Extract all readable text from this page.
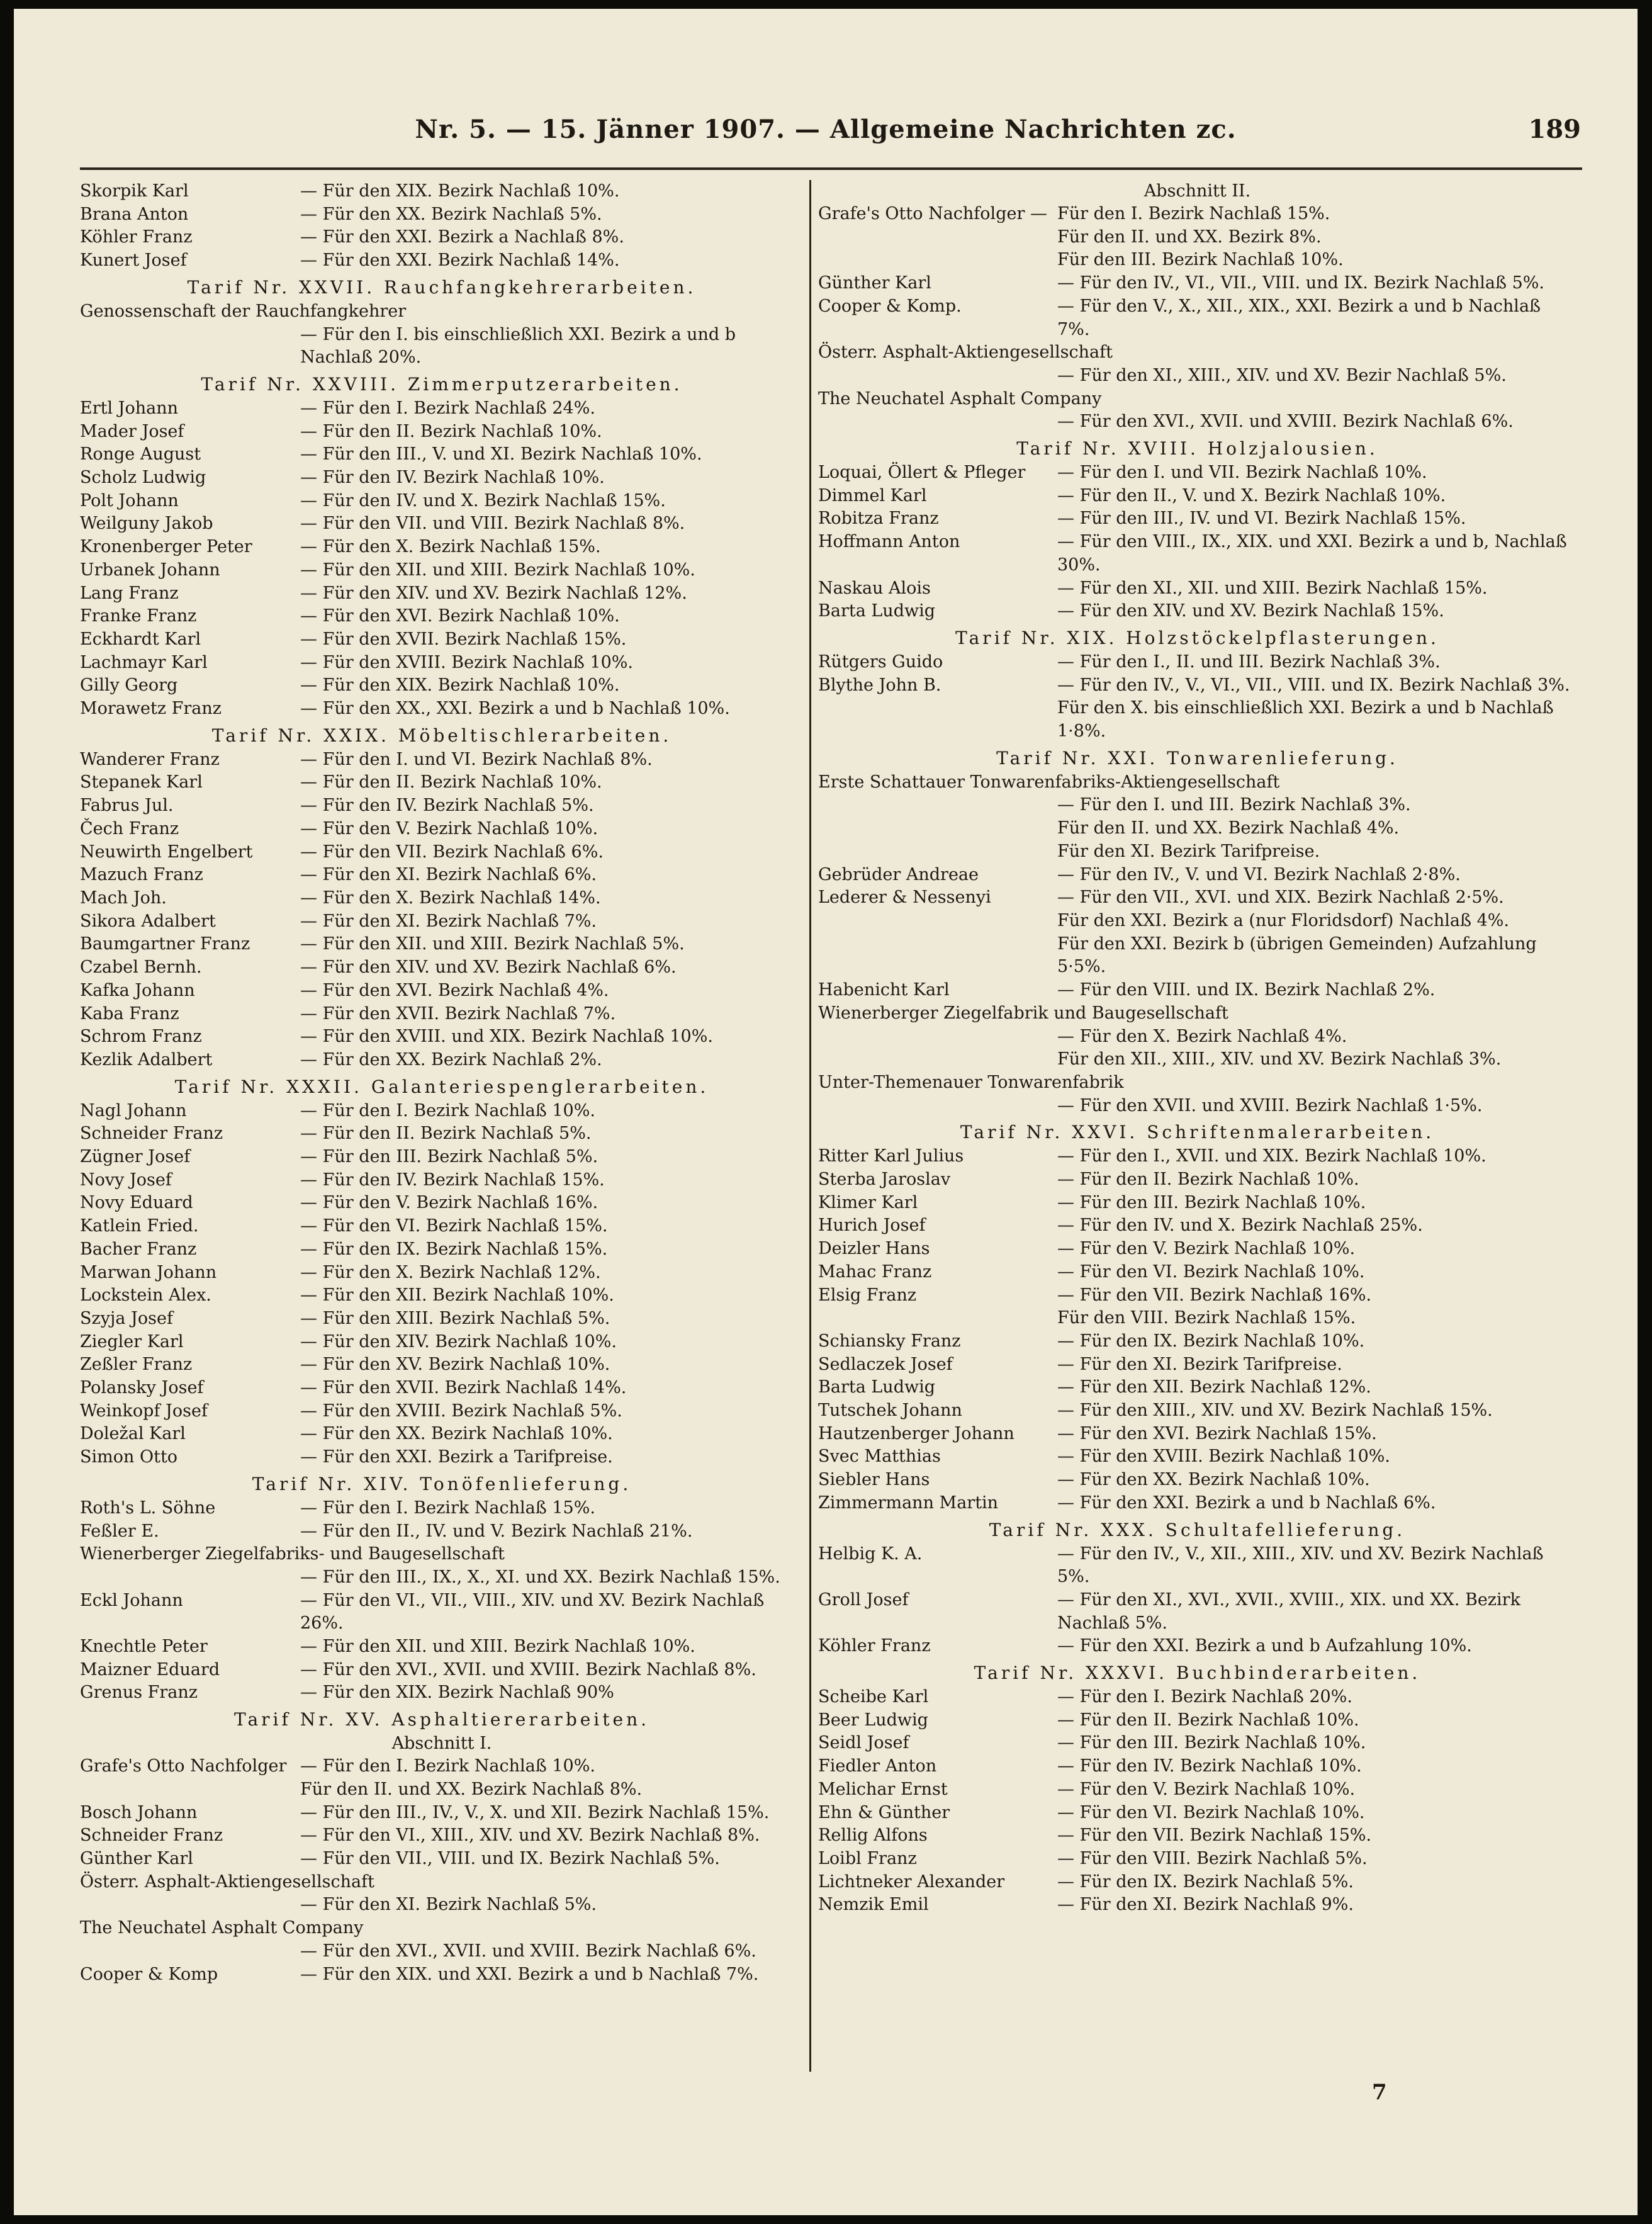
Nr. 5. — 15. Jänner 1907. — Allgemeine Nachrichten zc.	189
Skorpik Karl	— Für den XIX. Bezirk Nachlaß 10%.
Brana Anton	— Für den XX. Bezirk Nachlaß 5%.
Köhler Franz	— Für den XXI. Bezirk a Nachlaß 8%.
Kunert Josef	— Für den XXI. Bezirk Nachlaß 14%.
Tarif Nr. XXVII. Rauchfangkehrerarbeiten.
Genossenschaft der Rauchfangkehrer
— Für den I. bis einschließlich XXI. Bezirk a und b Nachlaß 20%.
Tarif Nr. XXVIII. Zimmerputzerarbeiten.
Ertl Johann	— Für den I. Bezirk Nachlaß 24%.
Mader Josef	— Für den II. Bezirk Nachlaß 10%.
Ronge August	— Für den III., V. und XI. Bezirk Nachlaß 10%.
Scholz Ludwig	— Für den IV. Bezirk Nachlaß 10%.
Polt Johann	— Für den IV. und X. Bezirk Nachlaß 15%.
Weilguny Jakob	— Für den VII. und VIII. Bezirk Nachlaß 8%.
Kronenberger Peter	— Für den X. Bezirk Nachlaß 15%.
Urbanek Johann	— Für den XII. und XIII. Bezirk Nachlaß 10%.
Lang Franz	— Für den XIV. und XV. Bezirk Nachlaß 12%.
Franke Franz	— Für den XVI. Bezirk Nachlaß 10%.
Eckhardt Karl	— Für den XVII. Bezirk Nachlaß 15%.
Lachmayr Karl	— Für den XVIII. Bezirk Nachlaß 10%.
Gilly Georg	— Für den XIX. Bezirk Nachlaß 10%.
Morawetz Franz	— Für den XX., XXI. Bezirk a und b Nachlaß 10%.
Tarif Nr. XXIX. Möbeltischlerarbeiten.
Wanderer Franz	— Für den I. und VI. Bezirk Nachlaß 8%.
Stepanek Karl	— Für den II. Bezirk Nachlaß 10%.
Fabrus Jul.	— Für den IV. Bezirk Nachlaß 5%.
Čech Franz	— Für den V. Bezirk Nachlaß 10%.
Neuwirth Engelbert	— Für den VII. Bezirk Nachlaß 6%.
Mazuch Franz	— Für den XI. Bezirk Nachlaß 6%.
Mach Joh.	— Für den X. Bezirk Nachlaß 14%.
Sikora Adalbert	— Für den XI. Bezirk Nachlaß 7%.
Baumgartner Franz	— Für den XII. und XIII. Bezirk Nachlaß 5%.
Czabel Bernh.	— Für den XIV. und XV. Bezirk Nachlaß 6%.
Kafka Johann	— Für den XVI. Bezirk Nachlaß 4%.
Kaba Franz	— Für den XVII. Bezirk Nachlaß 7%.
Schrom Franz	— Für den XVIII. und XIX. Bezirk Nachlaß 10%.
Kezlik Adalbert	— Für den XX. Bezirk Nachlaß 2%.
Tarif Nr. XXXII. Galanteriespenglerarbeiten.
Nagl Johann	— Für den I. Bezirk Nachlaß 10%.
Schneider Franz	— Für den II. Bezirk Nachlaß 5%.
Zügner Josef	— Für den III. Bezirk Nachlaß 5%.
Novy Josef	— Für den IV. Bezirk Nachlaß 15%.
Novy Eduard	— Für den V. Bezirk Nachlaß 16%.
Katlein Fried.	— Für den VI. Bezirk Nachlaß 15%.
Bacher Franz	— Für den IX. Bezirk Nachlaß 15%.
Marwan Johann	— Für den X. Bezirk Nachlaß 12%.
Lockstein Alex.	— Für den XII. Bezirk Nachlaß 10%.
Szyja Josef	— Für den XIII. Bezirk Nachlaß 5%.
Ziegler Karl	— Für den XIV. Bezirk Nachlaß 10%.
Zeßler Franz	— Für den XV. Bezirk Nachlaß 10%.
Polansky Josef	— Für den XVII. Bezirk Nachlaß 14%.
Weinkopf Josef	— Für den XVIII. Bezirk Nachlaß 5%.
Doležal Karl	— Für den XX. Bezirk Nachlaß 10%.
Simon Otto	— Für den XXI. Bezirk a Tarifpreise.
Tarif Nr. XIV. Tonöfenlieferung.
Roth's L. Söhne	— Für den I. Bezirk Nachlaß 15%.
Feßler E.	— Für den II., IV. und V. Bezirk Nachlaß 21%.
Wienerberger Ziegelfabriks- und Baugesellschaft
— Für den III., IX., X., XI. und XX. Bezirk Nachlaß 15%.
Eckl Johann	— Für den VI., VII., VIII., XIV. und XV. Bezirk Nachlaß 26%.
Knechtle Peter	— Für den XII. und XIII. Bezirk Nachlaß 10%.
Maizner Eduard	— Für den XVI., XVII. und XVIII. Bezirk Nachlaß 8%.
Grenus Franz	— Für den XIX. Bezirk Nachlaß 90%
Tarif Nr. XV. Asphaltiererarbeiten.
Abschnitt I.
Grafe's Otto Nachfolger — Für den I. Bezirk Nachlaß 10%.
Für den II. und XX. Bezirk Nachlaß 8%.
Bosch Johann	— Für den III., IV., V., X. und XII. Bezirk Nachlaß 15%.
Schneider Franz	— Für den VI., XIII., XIV. und XV. Bezirk Nachlaß 8%.
Günther Karl	— Für den VII., VIII. und IX. Bezirk Nachlaß 5%.
Österr. Asphalt-Aktiengesellschaft
— Für den XI. Bezirk Nachlaß 5%.
The Neuchatel Asphalt Company
— Für den XVI., XVII. und XVIII. Bezirk Nachlaß 6%.
Cooper & Komp	— Für den XIX. und XXI. Bezirk a und b Nachlaß 7%.
Abschnitt II.
Grafe's Otto Nachfolger — Für den I. Bezirk Nachlaß 15%.
Für den II. und XX. Bezirk 8%.
Für den III. Bezirk Nachlaß 10%.
Günther Karl	— Für den IV., VI., VII., VIII. und IX. Bezirk Nachlaß 5%.
Cooper & Komp.	— Für den V., X., XII., XIX., XXI. Bezirk a und b Nachlaß 7%.
Österr. Asphalt-Aktiengesellschaft
— Für den XI., XIII., XIV. und XV. Bezir Nachlaß 5%.
The Neuchatel Asphalt Company
— Für den XVI., XVII. und XVIII. Bezirk Nachlaß 6%.
Tarif Nr. XVIII. Holzjalousien.
Loquai, Öllert & Pfleger — Für den I. und VII. Bezirk Nachlaß 10%.
Dimmel Karl	— Für den II., V. und X. Bezirk Nachlaß 10%.
Robitza Franz	— Für den III., IV. und VI. Bezirk Nachlaß 15%.
Hoffmann Anton	— Für den VIII., IX., XIX. und XXI. Bezirk a und b, Nachlaß 30%.
Naskau Alois	— Für den XI., XII. und XIII. Bezirk Nachlaß 15%.
Barta Ludwig	— Für den XIV. und XV. Bezirk Nachlaß 15%.
Tarif Nr. XIX. Holzstöckelpflasterungen.
Rütgers Guido	— Für den I., II. und III. Bezirk Nachlaß 3%.
Blythe John B.	— Für den IV., V., VI., VII., VIII. und IX. Bezirk Nachlaß 3%.
Für den X. bis einschließlich XXI. Bezirk a und b Nachlaß 1·8%.
Tarif Nr. XXI. Tonwarenlieferung.
Erste Schattauer Tonwarenfabriks-Aktiengesellschaft
— Für den I. und III. Bezirk Nachlaß 3%.
Für den II. und XX. Bezirk Nachlaß 4%.
Für den XI. Bezirk Tarifpreise.
Gebrüder Andreae	— Für den IV., V. und VI. Bezirk Nachlaß 2·8%.
Lederer & Nessenyi	— Für den VII., XVI. und XIX. Bezirk Nachlaß 2·5%.
Für den XXI. Bezirk a (nur Floridsdorf) Nachlaß 4%.
Für den XXI. Bezirk b (übrigen Gemeinden) Aufzahlung 5·5%.
Habenicht Karl	— Für den VIII. und IX. Bezirk Nachlaß 2%.
Wienerberger Ziegelfabrik und Baugesellschaft
— Für den X. Bezirk Nachlaß 4%.
Für den XII., XIII., XIV. und XV. Bezirk Nachlaß 3%.
Unter-Themenauer Tonwarenfabrik
— Für den XVII. und XVIII. Bezirk Nachlaß 1·5%.
Tarif Nr. XXVI. Schriftenmalerarbeiten.
Ritter Karl Julius	— Für den I., XVII. und XIX. Bezirk Nachlaß 10%.
Sterba Jaroslav	— Für den II. Bezirk Nachlaß 10%.
Klimer Karl	— Für den III. Bezirk Nachlaß 10%.
Hurich Josef	— Für den IV. und X. Bezirk Nachlaß 25%.
Deizler Hans	— Für den V. Bezirk Nachlaß 10%.
Mahac Franz	— Für den VI. Bezirk Nachlaß 10%.
Elsig Franz	— Für den VII. Bezirk Nachlaß 16%.
Für den VIII. Bezirk Nachlaß 15%.
Schiansky Franz	— Für den IX. Bezirk Nachlaß 10%.
Sedlaczek Josef	— Für den XI. Bezirk Tarifpreise.
Barta Ludwig	— Für den XII. Bezirk Nachlaß 12%.
Tutschek Johann	— Für den XIII., XIV. und XV. Bezirk Nachlaß 15%.
Hautzenberger Johann	— Für den XVI. Bezirk Nachlaß 15%.
Svec Matthias	— Für den XVIII. Bezirk Nachlaß 10%.
Siebler Hans	— Für den XX. Bezirk Nachlaß 10%.
Zimmermann Martin	— Für den XXI. Bezirk a und b Nachlaß 6%.
Tarif Nr. XXX. Schultafellieferung.
Helbig K. A.	— Für den IV., V., XII., XIII., XIV. und XV. Bezirk Nachlaß 5%.
Groll Josef	— Für den XI., XVI., XVII., XVIII., XIX. und XX. Bezirk Nachlaß 5%.
Köhler Franz	— Für den XXI. Bezirk a und b Aufzahlung 10%.
Tarif Nr. XXXVI. Buchbinderarbeiten.
Scheibe Karl	— Für den I. Bezirk Nachlaß 20%.
Beer Ludwig	— Für den II. Bezirk Nachlaß 10%.
Seidl Josef	— Für den III. Bezirk Nachlaß 10%.
Fiedler Anton	— Für den IV. Bezirk Nachlaß 10%.
Melichar Ernst	— Für den V. Bezirk Nachlaß 10%.
Ehn & Günther	— Für den VI. Bezirk Nachlaß 10%.
Rellig Alfons	— Für den VII. Bezirk Nachlaß 15%.
Loibl Franz	— Für den VIII. Bezirk Nachlaß 5%.
Lichtneker Alexander	— Für den IX. Bezirk Nachlaß 5%.
Nemzik Emil	— Für den XI. Bezirk Nachlaß 9%.
7
